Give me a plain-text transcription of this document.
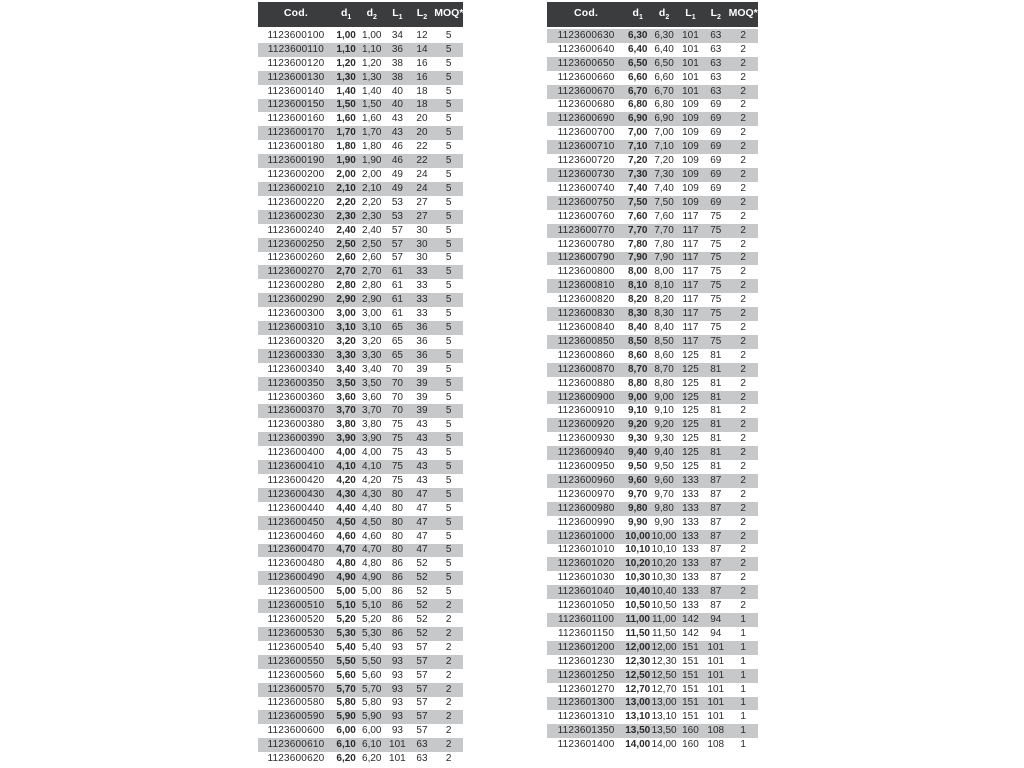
Cod.	$d_1$	$d_2$	$L_1$	$L_2$ MOQ*
1123600100	1,00 1,00	34	12	5
1123600110	1,10 1,10	36	14	5
1123600120	1,20 1,20	38	16	5
1123600130	1,30 1,30	38	16	5
1123600140	1,40 1,40	40	18	5
1123600150	1,50 1,50	40	18	5
1123600160	1,60 1,60	43	20	5
1123600170	1,70 1,70	43	20	5
1123600180	1,80 1,80	46	22	5
1123600190	1,90 1,90	46	22	5
1123600200	2,00 2,00	49	24	5
1123600210	2,10 2,10	49	24	5
1123600220	2,20 2,20	53	27	5
1123600230	2,30 2,30	53	27	5
1123600240	2,40 2,40	57	30	5
1123600250	2,50 2,50	57	30	5
1123600260	2,60 2,60	57	30	5
1123600270	2,70 2,70	61	33	5
1123600280	2,80 2,80	61	33	5
1123600290	2,90 2,90	61	33	5
1123600300	3,00 3,00	61	33	5
1123600310	3,10 3,10	65	36	5
1123600320	3,20 3,20	65	36	5
1123600330	3,30 3,30	65	36	5
1123600340	3,40 3,40	70	39	5
1123600350	3,50 3,50	70	39	5
1123600360	3,60 3,60	70	39	5
1123600370	3,70 3,70	70	39	5
1123600380	3,80 3,80	75	43	5
1123600390	3,90 3,90	75	43	5
1123600400	4,00 4,00	75	43	5
1123600410	4,10 4,10	75	43	5
1123600420	4,20 4,20	75	43	5
1123600430	4,30 4,30	80	47	5
1123600440	4,40 4,40	80	47	5
1123600450	4,50 4,50	80	47	5
1123600460	4,60 4,60	80	47	5
1123600470	4,70 4,70	80	47	5
1123600480	4,80 4,80	86	52	5
1123600490	4,90 4,90	86	52	5
1123600500	5,00 5,00	86	52	5
1123600510	5,10 5,10	86	52	2
1123600520	5,20 5,20	86	52	2
1123600530	5,30 5,30	86	52	2
1123600540	5,40 5,40	93	57	2
1123600550	5,50 5,50	93	57	2
1123600560	5,60 5,60	93	57	2
1123600570	5,70 5,70	93	57	2
1123600580	5,80 5,80	93	57	2
1123600590	5,90 5,90	93	57	2
1123600600	6,00 6,00	93	57	2
1123600610	6,10 6,10 101	63	2
1123600620	6,20 6,20 101	63	2
Cod.	$d_1$	$d_2$	$L_1$	$L_2$ MOQ*
1123600630	6,30 6,30 101	63	2
1123600640	6,40 6,40 101	63	2
1123600650	6,50 6,50 101	63	2
1123600660	6,60 6,60 101	63	2
1123600670	6,70 6,70 101	63	2
1123600680	6,80 6,80 109	69	2
1123600690	6,90 6,90 109	69	2
1123600700	7,00 7,00 109	69	2
1123600710	7,10 7,10 109	69	2
1123600720	7,20 7,20 109	69	2
1123600730	7,30 7,30 109	69	2
1123600740	7,40 7,40 109	69	2
1123600750	7,50 7,50 109	69	2
1123600760	7,60 7,60 117	75	2
1123600770	7,70 7,70 117	75	2
1123600780	7,80 7,80 117	75	2
1123600790	7,90 7,90 117	75	2
1123600800	8,00 8,00 117	75	2
1123600810	8,10 8,10 117	75	2
1123600820	8,20 8,20 117	75	2
1123600830	8,30 8,30 117	75	2
1123600840	8,40 8,40 117	75	2
1123600850	8,50 8,50 117	75	2
1123600860	8,60 8,60 125	81	2
1123600870	8,70 8,70 125	81	2
1123600880	8,80 8,80 125	81	2
1123600900	9,00 9,00 125	81	2
1123600910	9,10 9,10 125	81	2
1123600920	9,20 9,20 125	81	2
1123600930	9,30 9,30 125	81	2
1123600940	9,40 9,40 125	81	2
1123600950	9,50 9,50 125	81	2
1123600960	9,60 9,60 133	87	2
1123600970	9,70 9,70 133	87	2
1123600980	9,80 9,80 133	87	2
1123600990	9,90 9,90 133	87	2
1123601000	10,00 10,00 133	87	2
1123601010	10,10 10,10 133	87	2
1123601020	10,20 10,20 133	87	2
1123601030	10,30 10,30 133	87	2
1123601040	10,40 10,40 133	87	2
1123601050	10,50 10,50 133	87	2
1123601100	11,00 11,00 142	94	1
1123601150	11,50 11,50 142	94	1
1123601200	12,00 12,00 151 101	1
1123601230	12,30 12,30 151 101	1
1123601250	12,50 12,50 151 101	1
1123601270	12,70 12,70 151 101	1
1123601300	13,00 13,00 151 101	1
1123601310	13,10 13,10 151 101	1
1123601350	13,50 13,50 160 108	1
1123601400	14,00 14,00 160 108	1
